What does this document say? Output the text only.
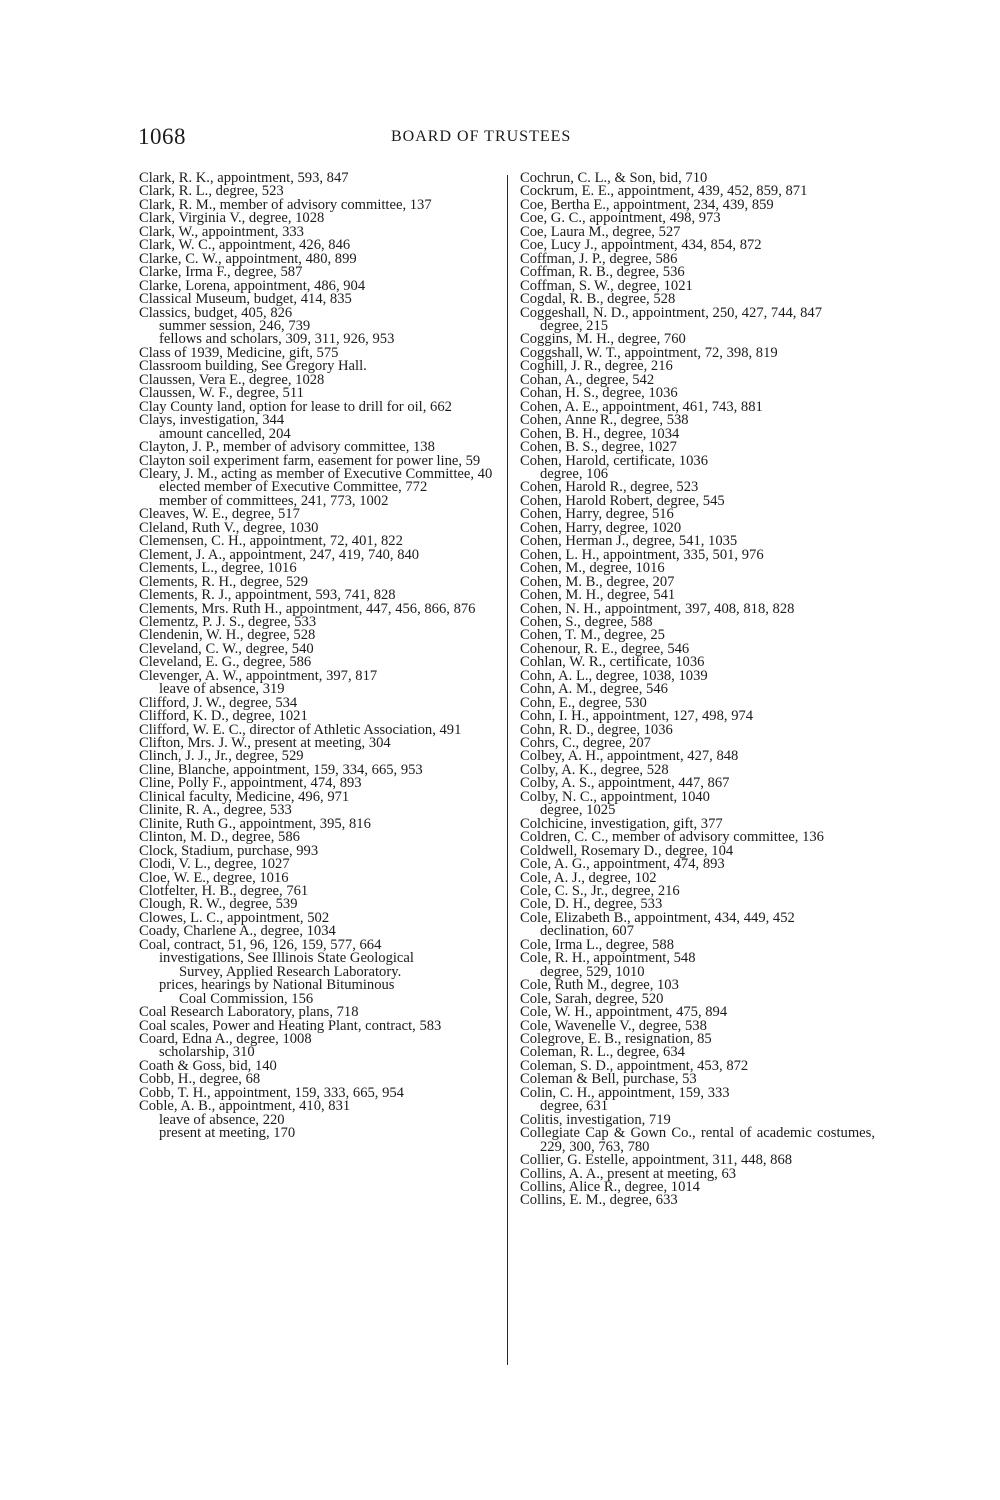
1068	BOARD OF TRUSTEES
Clark, R. K., appointment, 593, 847
Clark, R. L., degree, 523
Clark, R. M., member of advisory committee, 137
Clark, Virginia V., degree, 1028
Clark, W., appointment, 333
Clark, W. C., appointment, 426, 846
Clarke, C. W., appointment, 480, 899
Clarke, Irma F., degree, 587
Clarke, Lorena, appointment, 486, 904
Classical Museum, budget, 414, 835
Classics, budget, 405, 826
summer session, 246, 739
fellows and scholars, 309, 311, 926, 953
Class of 1939, Medicine, gift, 575
Classroom building, See Gregory Hall.
Claussen, Vera E., degree, 1028
Claussen, W. F., degree, 511
Clay County land, option for lease to drill for oil, 662
Clays, investigation, 344
amount cancelled, 204
Clayton, J. P., member of advisory committee, 138
Clayton soil experiment farm, easement for power line, 59
Cleary, J. M., acting as member of Executive Committee, 40
elected member of Executive Committee, 772
member of committees, 241, 773, 1002
Cleaves, W. E., degree, 517
Cleland, Ruth V., degree, 1030
Clemensen, C. H., appointment, 72, 401, 822
Clement, J. A., appointment, 247, 419, 740, 840
Clements, L., degree, 1016
Clements, R. H., degree, 529
Clements, R. J., appointment, 593, 741, 828
Clements, Mrs. Ruth H., appointment, 447, 456, 866, 876
Clementz, P. J. S., degree, 533
Clendenin, W. H., degree, 528
Cleveland, C. W., degree, 540
Cleveland, E. G., degree, 586
Clevenger, A. W., appointment, 397, 817
leave of absence, 319
Clifford, J. W., degree, 534
Clifford, K. D., degree, 1021
Clifford, W. E. C., director of Athletic Association, 491
Clifton, Mrs. J. W., present at meeting, 304
Clinch, J. J., Jr., degree, 529
Cline, Blanche, appointment, 159, 334, 665, 953
Cline, Polly F., appointment, 474, 893
Clinical faculty, Medicine, 496, 971
Clinite, R. A., degree, 533
Clinite, Ruth G., appointment, 395, 816
Clinton, M. D., degree, 586
Clock, Stadium, purchase, 993
Clodi, V. L., degree, 1027
Cloe, W. E., degree, 1016
Clotfelter, H. B., degree, 761
Clough, R. W., degree, 539
Clowes, L. C., appointment, 502
Coady, Charlene A., degree, 1034
Coal, contract, 51, 96, 126, 159, 577, 664
investigations, See Illinois State Geological
Survey, Applied Research Laboratory.
prices, hearings by National Bituminous
Coal Commission, 156
Coal Research Laboratory, plans, 718
Coal scales, Power and Heating Plant, contract, 583
Coard, Edna A., degree, 1008
scholarship, 310
Coath & Goss, bid, 140
Cobb, H., degree, 68
Cobb, T. H., appointment, 159, 333, 665, 954
Coble, A. B., appointment, 410, 831
leave of absence, 220
present at meeting, 170
Cochrun, C. L., & Son, bid, 710
Cockrum, E. E., appointment, 439, 452, 859, 871
Coe, Bertha E., appointment, 234, 439, 859
Coe, G. C., appointment, 498, 973
Coe, Laura M., degree, 527
Coe, Lucy J., appointment, 434, 854, 872
Coffman, J. P., degree, 586
Coffman, R. B., degree, 536
Coffman, S. W., degree, 1021
Cogdal, R. B., degree, 528
Coggeshall, N. D., appointment, 250, 427, 744, 847
degree, 215
Coggins, M. H., degree, 760
Coggshall, W. T., appointment, 72, 398, 819
Coghill, J. R., degree, 216
Cohan, A., degree, 542
Cohan, H. S., degree, 1036
Cohen, A. E., appointment, 461, 743, 881
Cohen, Anne R., degree, 538
Cohen, B. H., degree, 1034
Cohen, B. S., degree, 1027
Cohen, Harold, certificate, 1036
degree, 106
Cohen, Harold R., degree, 523
Cohen, Harold Robert, degree, 545
Cohen, Harry, degree, 516
Cohen, Harry, degree, 1020
Cohen, Herman J., degree, 541, 1035
Cohen, L. H., appointment, 335, 501, 976
Cohen, M., degree, 1016
Cohen, M. B., degree, 207
Cohen, M. H., degree, 541
Cohen, N. H., appointment, 397, 408, 818, 828
Cohen, S., degree, 588
Cohen, T. M., degree, 25
Cohenour, R. E., degree, 546
Cohlan, W. R., certificate, 1036
Cohn, A. L., degree, 1038, 1039
Cohn, A. M., degree, 546
Cohn, E., degree, 530
Cohn, I. H., appointment, 127, 498, 974
Cohn, R. D., degree, 1036
Cohrs, C., degree, 207
Colbey, A. H., appointment, 427, 848
Colby, A. K., degree, 528
Colby, A. S., appointment, 447, 867
Colby, N. C., appointment, 1040
degree, 1025
Colchicine, investigation, gift, 377
Coldren, C. C., member of advisory committee, 136
Coldwell, Rosemary D., degree, 104
Cole, A. G., appointment, 474, 893
Cole, A. J., degree, 102
Cole, C. S., Jr., degree, 216
Cole, D. H., degree, 533
Cole, Elizabeth B., appointment, 434, 449, 452
declination, 607
Cole, Irma L., degree, 588
Cole, R. H., appointment, 548
degree, 529, 1010
Cole, Ruth M., degree, 103
Cole, Sarah, degree, 520
Cole, W. H., appointment, 475, 894
Cole, Wavenelle V., degree, 538
Colegrove, E. B., resignation, 85
Coleman, R. L., degree, 634
Coleman, S. D., appointment, 453, 872
Coleman & Bell, purchase, 53
Colin, C. H., appointment, 159, 333
degree, 631
Colitis, investigation, 719
Collegiate Cap & Gown Co., rental of academic costumes, 229, 300, 763, 780
Collier, G. Estelle, appointment, 311, 448, 868
Collins, A. A., present at meeting, 63
Collins, Alice R., degree, 1014
Collins, E. M., degree, 633
